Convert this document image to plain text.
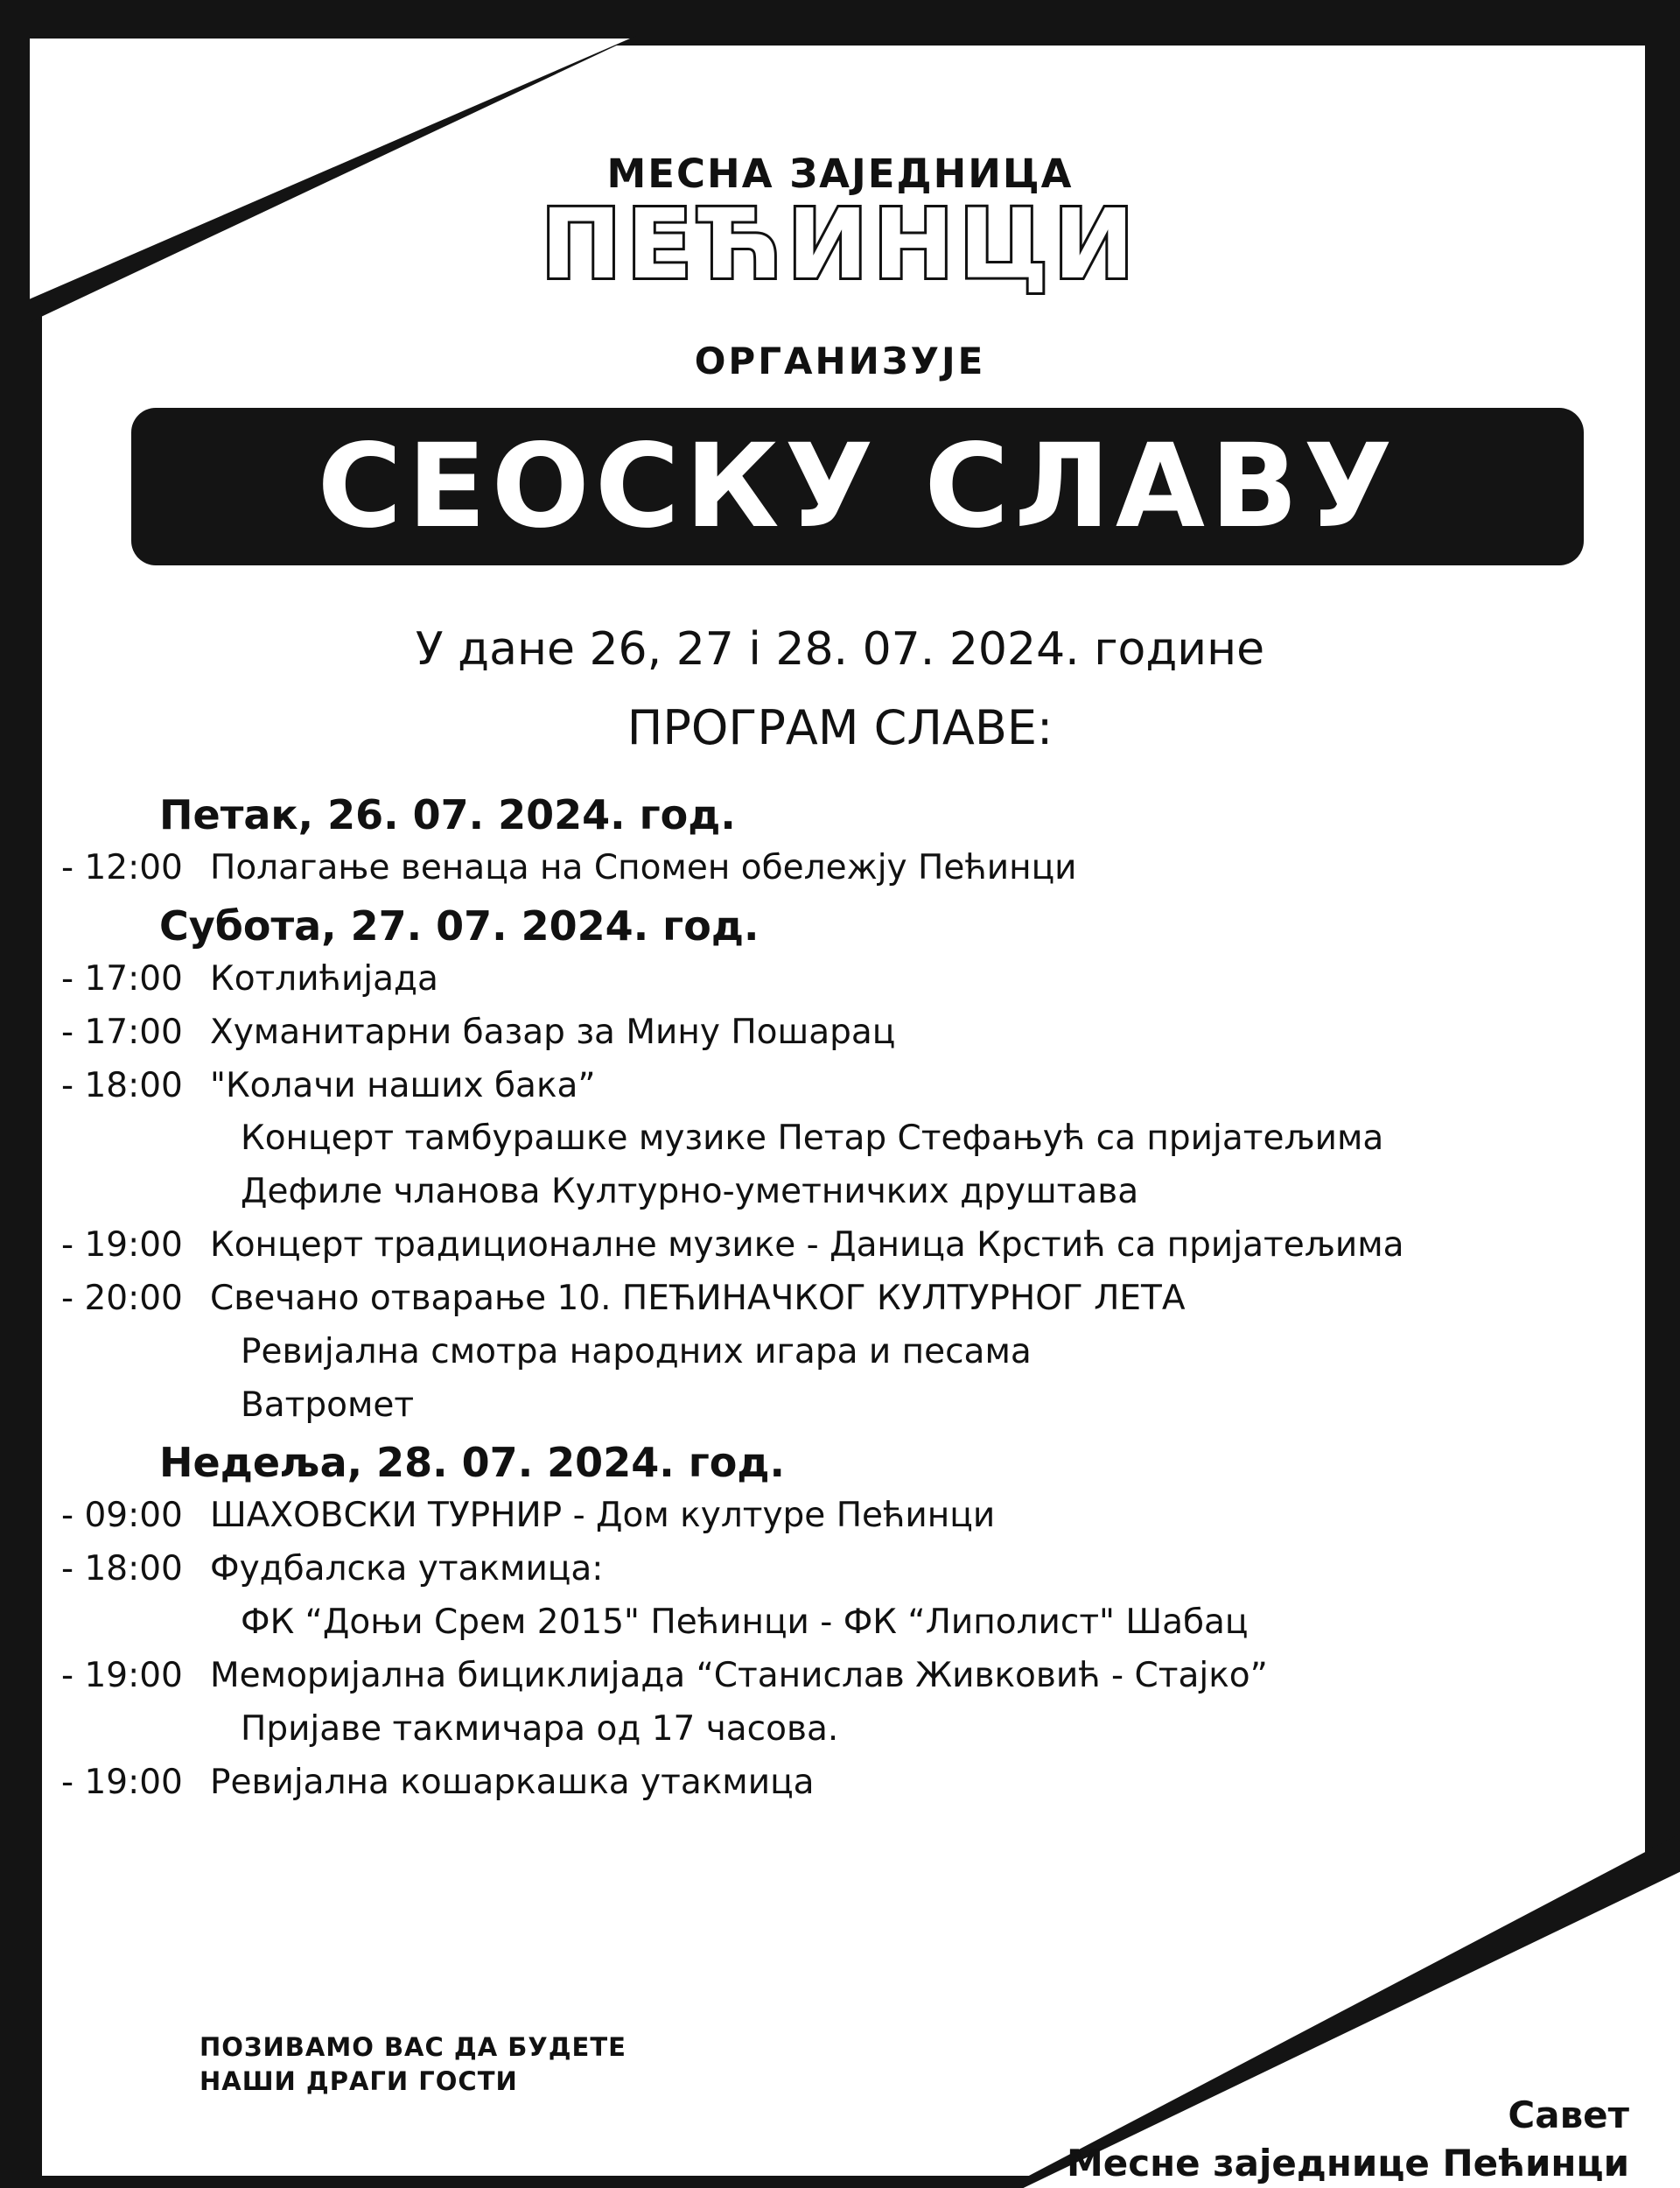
МЕСНА ЗАЈЕДНИЦА
ПЕЋИНЦИ
ОРГАНИЗУЈЕ
СЕОСКУ СЛАВУ
У дане 26, 27 i 28. 07. 2024. године
ПРОГРАМ СЛАВЕ:
Петак, 26. 07. 2024. год.
- 12:00 Полагање венаца на Спомен обележју Пећинци
Субота, 27. 07. 2024. год.
- 17:00 Котлићијада
- 17:00 Хуманитарни базар за Мину Пошарац
- 18:00 "Колачи наших бака”
Концерт тамбурашке музике Петар Стефањућ са пријатељима
Дефиле чланова Културно-уметничких друштава
- 19:00 Концерт традиционалне музике - Даница Крстић са пријатељима
- 20:00 Свечано отварање 10. ПЕЋИНАЧКОГ КУЛТУРНОГ ЛЕТА
Ревијална смотра народних игара и песама
Ватромет
Недеља, 28. 07. 2024. год.
- 09:00 ШАХОВСКИ ТУРНИР - Дом културе Пећинци
- 18:00 Фудбалска утакмица:
ФК “Доњи Срем 2015" Пећинци - ФК “Липолист" Шабац
- 19:00 Меморијална бициклијада “Станислав Живковић - Стајко”
Пријаве такмичара од 17 часова.
- 19:00 Ревијална кошаркашка утакмица
ПОЗИВАМО ВАС ДА БУДЕТЕ
НАШИ ДРАГИ ГОСТИ
Савет
Месне заједнице Пећинци
